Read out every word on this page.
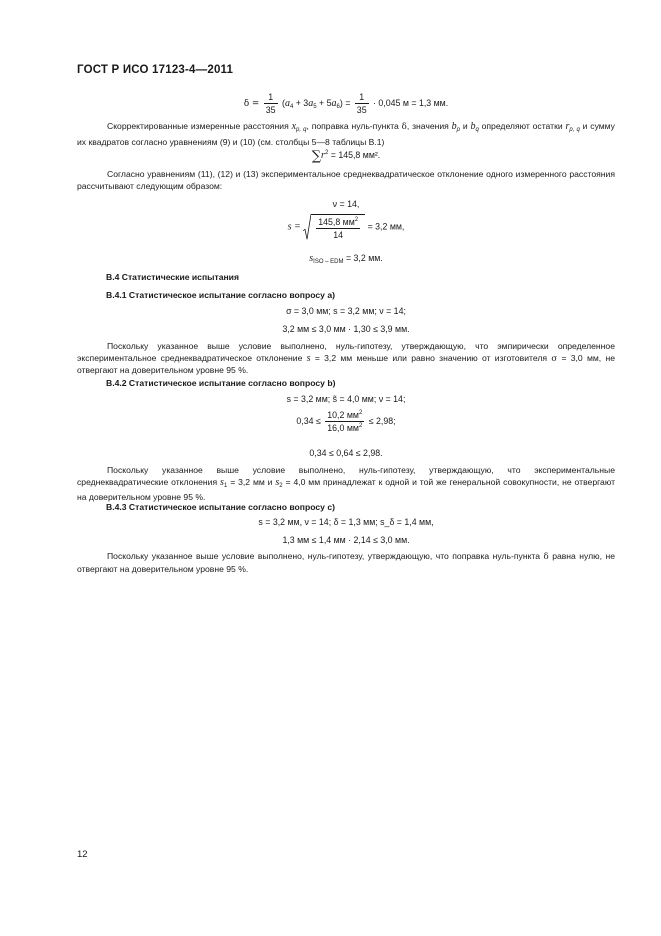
ГОСТ Р ИСО 17123-4—2011
$\delta = \frac{1}{35} (a_4 + 3a_5 + 5a_6) = \frac{1}{35} \cdot 0,045$ м = 1,3 мм.
Скорректированные измеренные расстояния $x_{p, q}$, поправка нуль-пункта δ, значения $b_p$ и $b_q$ определяют остатки $r_{p, q}$ и сумму их квадратов согласно уравнениям (9) и (10) (см. столбцы 5—8 таблицы В.1)
$\sum r^2 = 145,8$ мм².
Согласно уравнениям (11), (12) и (13) экспериментальное среднеквадратическое отклонение одного измеренного расстояния рассчитывают следующим образом:
ν = 14,
$s = \frac{145,8 мм^2}{14} = 3,2$ мм,
$s_{ISO - EDM} = 3,2$ мм.
В.4 Статистические испытания
В.4.1 Статистическое испытание согласно вопросу а)
σ = 3,0 мм; s = 3,2 мм; ν = 14;
3,2 мм ≤ 3,0 мм · 1,30 ≤ 3,9 мм.
Поскольку указанное выше условие выполнено, нуль-гипотезу, утверждающую, что эмпирически определенное экспериментальное среднеквадратическое отклонение s = 3,2 мм меньше или равно значению от изготовителя σ = 3,0 мм, не отвергают на доверительном уровне 95 %.
В.4.2 Статистическое испытание согласно вопросу b)
s = 3,2 мм; s̃ = 4,0 мм; ν = 14;
$0,34 \le \frac{10,2 мм^2}{16,0 мм^2} \le 2,98$;
0,34 ≤ 0,64 ≤ 2,98.
Поскольку указанное выше условие выполнено, нуль-гипотезу, утверждающую, что экспериментальные среднеквадратические отклонения $s_1 = 3,2$ мм и $s_2 = 4,0$ мм принадлежат к одной и той же генеральной совокупности, не отвергают на доверительном уровне 95 %.
В.4.3 Статистическое испытание согласно вопросу с)
s = 3,2 мм, ν = 14; δ = 1,3 мм; s_δ = 1,4 мм,
1,3 мм ≤ 1,4 мм · 2,14 ≤ 3,0 мм.
Поскольку указанное выше условие выполнено, нуль-гипотезу, утверждающую, что поправка нуль-пункта δ равна нулю, не отвергают на доверительном уровне 95 %.
12
